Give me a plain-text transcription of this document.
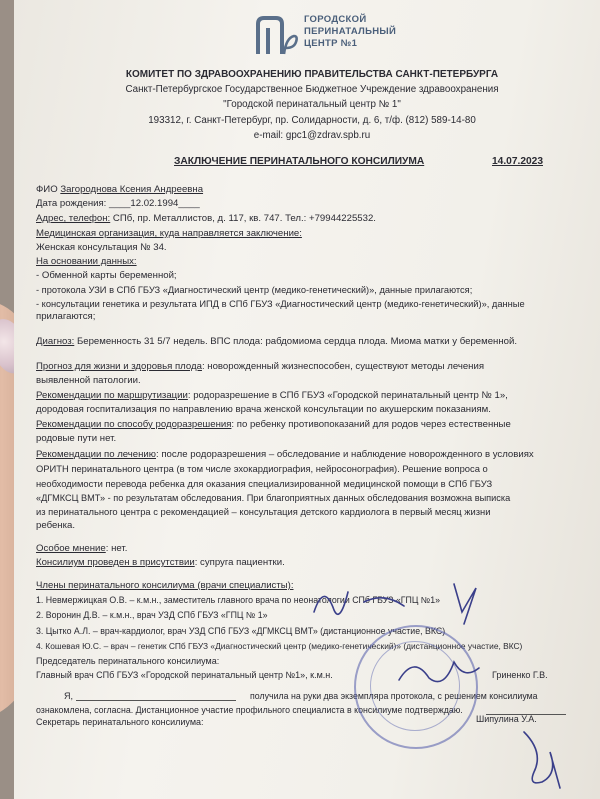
ГОРОДСКОЙ
ПЕРИНАТАЛЬНЫЙ
ЦЕНТР №1
КОМИТЕТ ПО ЗДРАВООХРАНЕНИЮ ПРАВИТЕЛЬСТВА САНКТ-ПЕТЕРБУРГА
Санкт-Петербургское Государственное Бюджетное Учреждение здравоохранения
"Городской перинатальный центр № 1"
193312, г. Санкт-Петербург, пр. Солидарности, д. 6, т/ф. (812) 589-14-80
e-mail: gpc1@zdrav.spb.ru
ЗАКЛЮЧЕНИЕ ПЕРИНАТАЛЬНОГО КОНСИЛИУМА	14.07.2023
ФИО Загороднова Ксения Андреевна
Дата рождения: ____12.02.1994____
Адрес, телефон: СПб, пр. Металлистов, д. 117, кв. 747. Тел.: +79944225532.
Медицинская организация, куда направляется заключение:
Женская консультация № 34.
На основании данных:
- Обменной карты беременной;
- протокола УЗИ в СПб ГБУЗ «Диагностический центр (медико-генетический)», данные прилагаются;
- консультации генетика и результата ИПД в СПб ГБУЗ «Диагностический центр (медико-генетический)», данные
прилагаются;
Диагноз: Беременность 31 5/7 недель. ВПС плода: рабдомиома сердца плода. Миома матки у беременной.
Прогноз для жизни и здоровья плода: новорожденный жизнеспособен, существуют методы лечения
выявленной патологии.
Рекомендации по маршрутизации: родоразрешение в СПб ГБУЗ «Городской перинатальный центр № 1»,
дородовая госпитализация по направлению врача женской консультации по акушерским показаниям.
Рекомендации по способу родоразрешения: по ребенку противопоказаний для родов через естественные
родовые пути нет.
Рекомендации по лечению: после родоразрешения – обследование и наблюдение новорожденного в условиях
ОРИТН перинатального центра (в том числе эхокардиография, нейросонография). Решение вопроса о
необходимости перевода ребенка для оказания специализированной медицинской помощи в СПб ГБУЗ
«ДГМКСЦ ВМТ» - по результатам обследования. При благоприятных данных обследования возможна выписка
из перинатального центра с рекомендацией – консультация детского кардиолога в первый месяц жизни
ребенка.
Особое мнение: нет.
Консилиум проведен в присутствии: супруга пациентки.
Члены перинатального консилиума (врачи специалисты):
1. Невмержицкая О.В. – к.м.н., заместитель главного врача по неонатологии СПб ГБУЗ «ГПЦ №1»
2. Воронин Д.В. – к.м.н., врач УЗД СПб ГБУЗ «ГПЦ № 1»
3. Цытко А.Л. – врач-кардиолог, врач УЗД СПб ГБУЗ «ДГМКСЦ ВМТ» (дистанционное участие, ВКС)
4. Кошевая Ю.С. – врач – генетик СПб ГБУЗ «Диагностический центр (медико-генетический)» (дистанционное участие, ВКС)
Председатель перинатального консилиума:
Главный врач СПб ГБУЗ «Городской перинатальный центр №1», к.м.н.	Гриненко Г.В.
Я,	получила на руки два экземпляра протокола, с решением консилиума
ознакомлена, согласна. Дистанционное участие профильного специалиста в консилиуме подтверждаю.
Шипулина У.А.
Секретарь перинатального консилиума:
